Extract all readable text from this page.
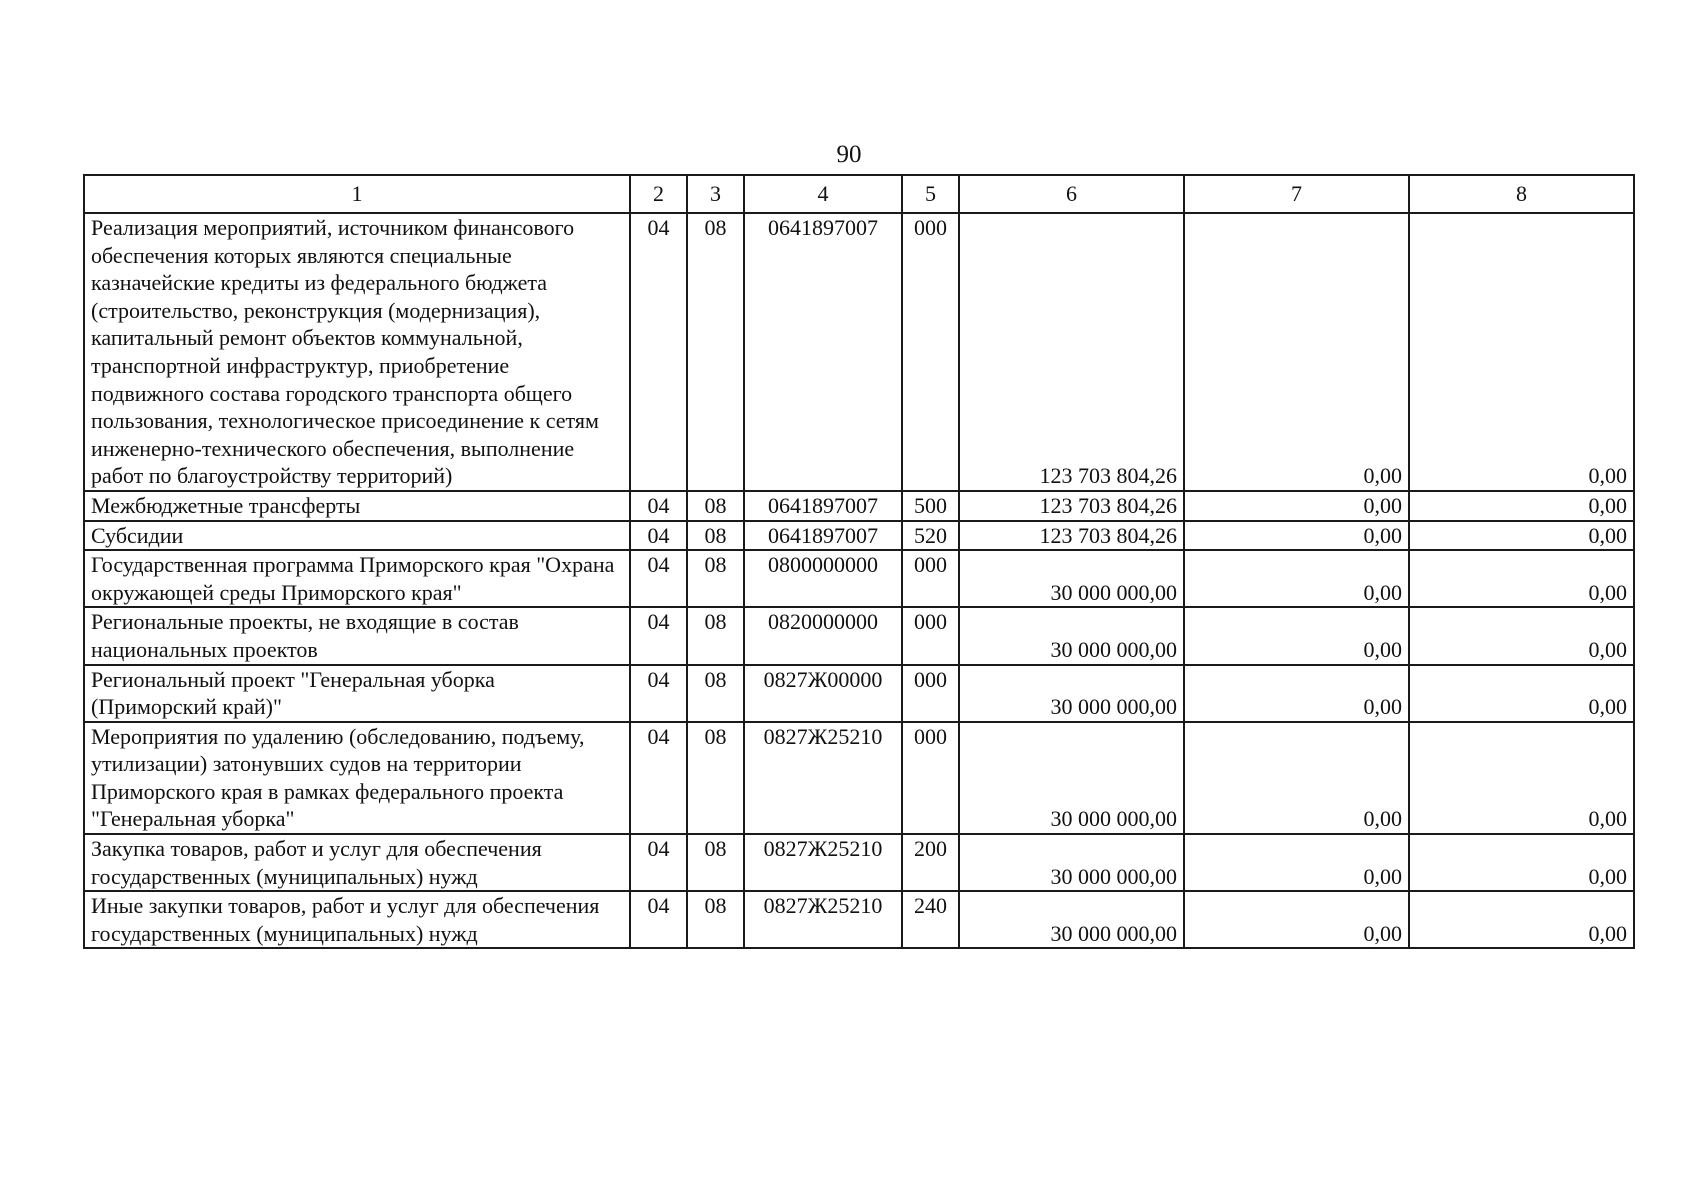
90
1	2	3	4	5	6	7	8
Реализация мероприятий, источником финансового обеспечения которых являются специальные казначейские кредиты из федерального бюджета (строительство, реконструкция (модернизация), капитальный ремонт объектов коммунальной, транспортной инфраструктур, приобретение подвижного состава городского транспорта общего пользования, технологическое присоединение к сетям инженерно-технического обеспечения, выполнение работ по благоустройству территорий)	04	08	0641897007	000	123 703 804,26	0,00	0,00
Межбюджетные трансферты	04	08	0641897007	500	123 703 804,26	0,00	0,00
Субсидии	04	08	0641897007	520	123 703 804,26	0,00	0,00
Государственная программа Приморского края "Охрана окружающей среды Приморского края"	04	08	0800000000	000	30 000 000,00	0,00	0,00
Региональные проекты, не входящие в состав национальных проектов	04	08	0820000000	000	30 000 000,00	0,00	0,00
Региональный проект "Генеральная уборка (Приморский край)"	04	08	0827Ж00000	000	30 000 000,00	0,00	0,00
Мероприятия по удалению (обследованию, подъему, утилизации) затонувших судов на территории Приморского края в рамках федерального проекта "Генеральная уборка"	04	08	0827Ж25210	000	30 000 000,00	0,00	0,00
Закупка товаров, работ и услуг для обеспечения государственных (муниципальных) нужд	04	08	0827Ж25210	200	30 000 000,00	0,00	0,00
Иные закупки товаров, работ и услуг для обеспечения государственных (муниципальных) нужд	04	08	0827Ж25210	240	30 000 000,00	0,00	0,00
